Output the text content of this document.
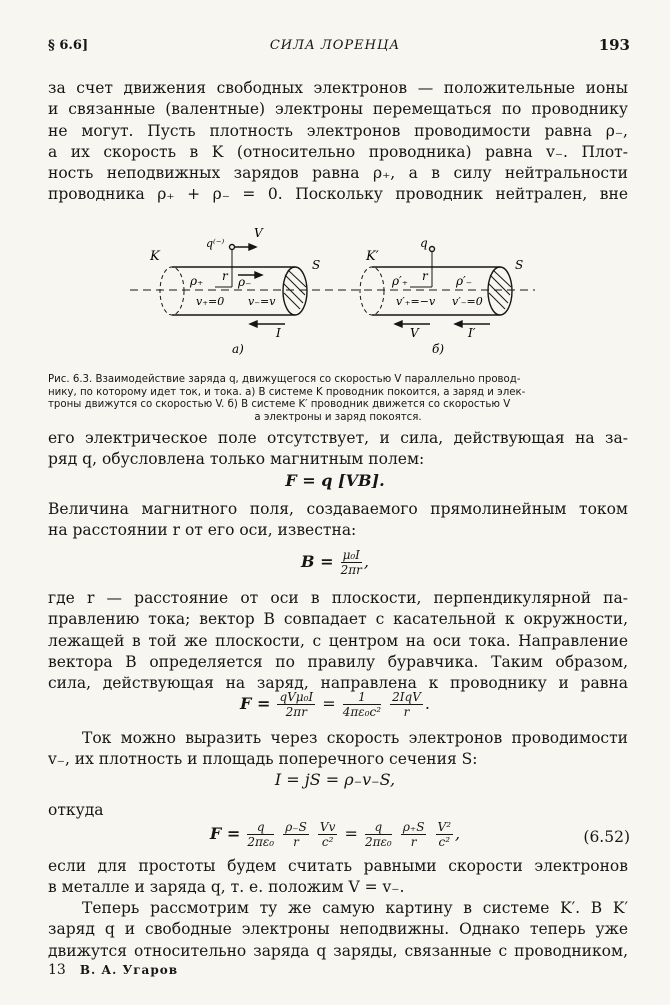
§ 6.6]	СИЛА ЛОРЕНЦА	193
за счет движения свободных электронов — положительные ионы
и связанные (валентные) электроны перемещаться по проводнику
не могут. Пусть плотность электронов проводимости равна ρ₋,
а их скорость в K (относительно проводника) равна v₋. Плот-
ность неподвижных зарядов равна ρ₊, а в силу нейтральности
проводника ρ₊ + ρ₋ = 0. Поскольку проводник нейтрален, вне
K
q⁽⁻⁾
V
ρ₊ r ρ₋
v₊=0 v₋=v
S
I
а)
K′
q
ρ′₊ r ρ′₋
v′₊=−v v′₋=0
S
V	I′
б)
Рис. 6.3. Взаимодействие заряда q, движущегося со скоростью V параллельно провод-
нику, по которому идет ток, и тока. а) В системе K проводник покоится, а заряд и элек-
троны движутся со скоростью V. б) В системе K′ проводник движется со скоростью V
а электроны и заряд покоятся.
его электрическое поле отсутствует, и сила, действующая на за-
ряд q, обусловлена только магнитным полем:
F = q [VB].
Величина магнитного поля, создаваемого прямолинейным током
на расстоянии r от его оси, известна:
$B = \frac{\text{μ₀I}}{2\pi r}$ ,
где r — расстояние от оси в плоскости, перпендикулярной па-
правлению тока; вектор B совпадает с касательной к окружности,
лежащей в той же плоскости, с центром на оси тока. Направление
вектора B определяется по правилу буравчика. Таким образом,
сила, действующая на заряд, направлена к проводнику и равна
$F = \frac{\text{qVμ₀I}}{2\pi r} = \frac{1}{\text{4πε₀c²}}$
$\frac{\text{2IqV}}{r}$ .
Ток можно выразить через скорость электронов проводимости
v₋, их плотность и площадь поперечного сечения S:
I = jS = ρ₋v₋S,
откуда
$F = \frac{q}{\text{2πε₀}}$
$\frac{\rho_-S}{r}$
$\frac{Vv}{\text{c²}} = \frac{q}{\text{2πε₀}}$
$\frac{\rho_+S}{r}$
$\frac{\text{V²}}{\text{c²}}$ ,	(6.52)
если для простоты будем считать равными скорости электронов
в металле и заряда q, т. е. положим V = v₋.
Теперь рассмотрим ту же самую картину в системе K′. В K′
заряд q и свободные электроны неподвижны. Однако теперь уже
движутся относительно заряда q заряды, связанные с проводником,
13 В. А. Угаров
